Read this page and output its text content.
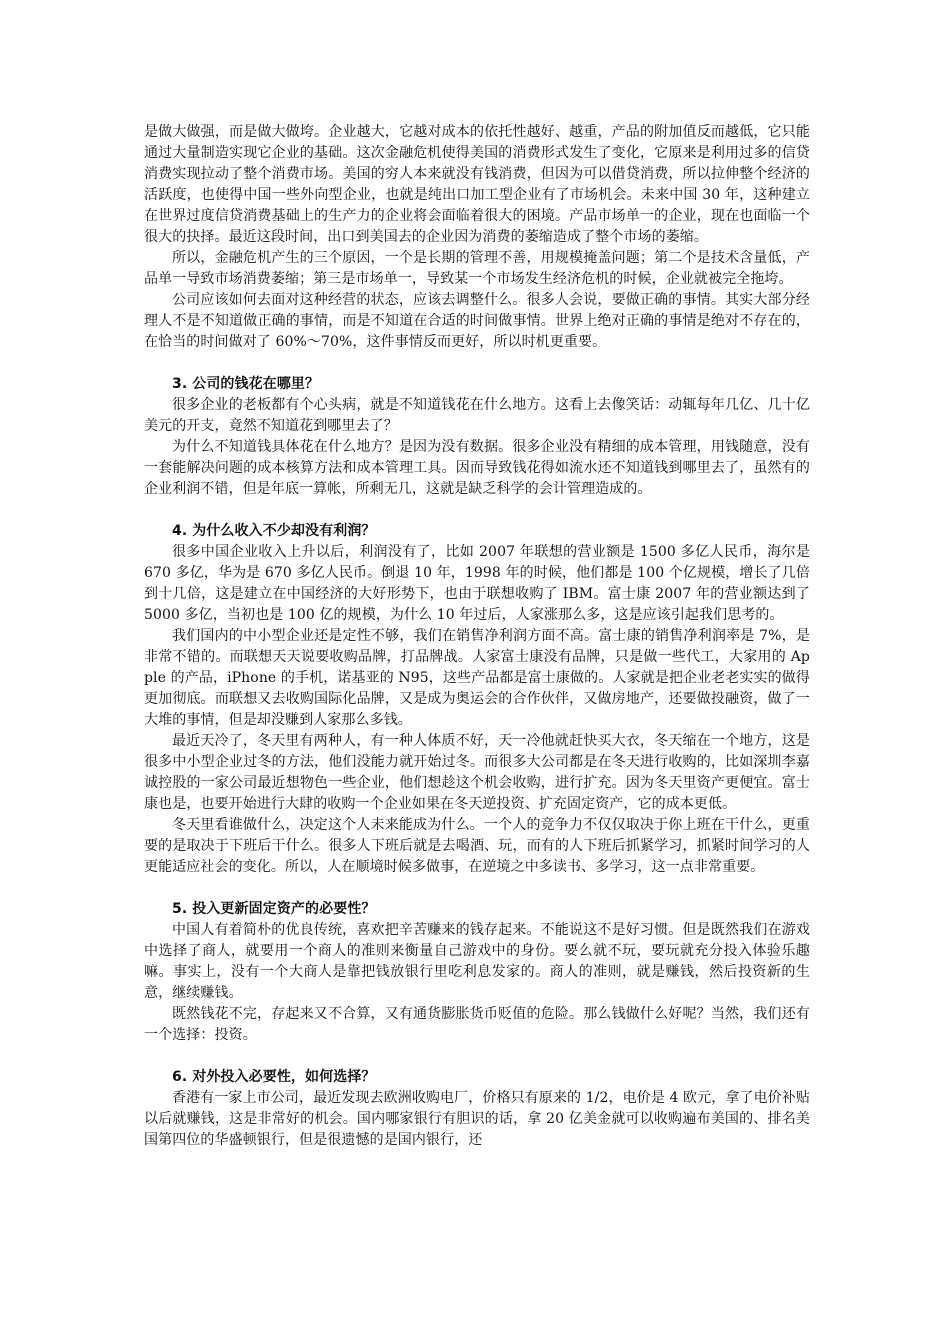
是做大做强，而是做大做垮。企业越大，它越对成本的依托性越好、越重，产品的附加值反而越低，它只能通过大量制造实现它企业的基础。这次金融危机使得美国的消费形式发生了变化，它原来是利用过多的信贷消费实现拉动了整个消费市场。美国的穷人本来就没有钱消费，但因为可以借贷消费，所以拉伸整个经济的活跃度，也使得中国一些外向型企业，也就是纯出口加工型企业有了市场机会。未来中国 30 年，这种建立在世界过度信贷消费基础上的生产力的企业将会面临着很大的困境。产品市场单一的企业，现在也面临一个很大的抉择。最近这段时间，出口到美国去的企业因为消费的萎缩造成了整个市场的萎缩。

所以，金融危机产生的三个原因，一个是长期的管理不善，用规模掩盖问题；第二个是技术含量低，产品单一导致市场消费萎缩；第三是市场单一，导致某一个市场发生经济危机的时候，企业就被完全拖垮。

公司应该如何去面对这种经营的状态，应该去调整什么。很多人会说，要做正确的事情。其实大部分经理人不是不知道做正确的事情，而是不知道在合适的时间做事情。世界上绝对正确的事情是绝对不存在的，在恰当的时间做对了 60%～70%，这件事情反而更好，所以时机更重要。

3. 公司的钱花在哪里？

很多企业的老板都有个心头病，就是不知道钱花在什么地方。这看上去像笑话：动辄每年几亿、几十亿美元的开支，竟然不知道花到哪里去了？

为什么不知道钱具体花在什么地方？是因为没有数据。很多企业没有精细的成本管理，用钱随意，没有一套能解决问题的成本核算方法和成本管理工具。因而导致钱花得如流水还不知道钱到哪里去了，虽然有的企业利润不错，但是年底一算帐，所剩无几，这就是缺乏科学的会计管理造成的。

4. 为什么收入不少却没有利润？

很多中国企业收入上升以后，利润没有了，比如 2007 年联想的营业额是 1500 多亿人民币，海尔是 670 多亿，华为是 670 多亿人民币。倒退 10 年，1998 年的时候，他们都是 100 个亿规模，增长了几倍到十几倍，这是建立在中国经济的大好形势下，也由于联想收购了 IBM。富士康 2007 年的营业额达到了 5000 多亿，当初也是 100 亿的规模，为什么 10 年过后，人家涨那么多，这是应该引起我们思考的。

我们国内的中小型企业还是定性不够，我们在销售净利润方面不高。富士康的销售净利润率是 7%，是非常不错的。而联想天天说要收购品牌，打品牌战。人家富士康没有品牌，只是做一些代工，大家用的 Apple 的产品，iPhone 的手机，诺基亚的 N95，这些产品都是富士康做的。人家就是把企业老老实实的做得更加彻底。而联想又去收购国际化品牌，又是成为奥运会的合作伙伴，又做房地产，还要做投融资，做了一大堆的事情，但是却没赚到人家那么多钱。

最近天冷了，冬天里有两种人，有一种人体质不好，天一冷他就赶快买大衣，冬天缩在一个地方，这是很多中小型企业过冬的方法，他们没能力就开始过冬。而很多大公司都是在冬天进行收购的，比如深圳李嘉诚控股的一家公司最近想物色一些企业，他们想趁这个机会收购，进行扩充。因为冬天里资产更便宜。富士康也是，也要开始进行大肆的收购一个企业如果在冬天逆投资、扩充固定资产，它的成本更低。

冬天里看谁做什么，决定这个人未来能成为什么。一个人的竞争力不仅仅取决于你上班在干什么，更重要的是取决于下班后干什么。很多人下班后就是去喝酒、玩，而有的人下班后抓紧学习，抓紧时间学习的人更能适应社会的变化。所以，人在顺境时候多做事，在逆境之中多读书、多学习，这一点非常重要。

5. 投入更新固定资产的必要性？

中国人有着简朴的优良传统，喜欢把辛苦赚来的钱存起来。不能说这不是好习惯。但是既然我们在游戏中选择了商人，就要用一个商人的准则来衡量自己游戏中的身份。要么就不玩，要玩就充分投入体验乐趣嘛。事实上，没有一个大商人是靠把钱放银行里吃利息发家的。商人的准则，就是赚钱，然后投资新的生意，继续赚钱。

既然钱花不完，存起来又不合算，又有通货膨胀货币贬值的危险。那么钱做什么好呢？当然，我们还有一个选择：投资。

6. 对外投入必要性，如何选择？

香港有一家上市公司，最近发现去欧洲收购电厂，价格只有原来的 1/2，电价是 4 欧元，拿了电价补贴以后就赚钱，这是非常好的机会。国内哪家银行有胆识的话，拿 20 亿美金就可以收购遍布美国的、排名美国第四位的华盛顿银行，但是很遗憾的是国内银行，还
